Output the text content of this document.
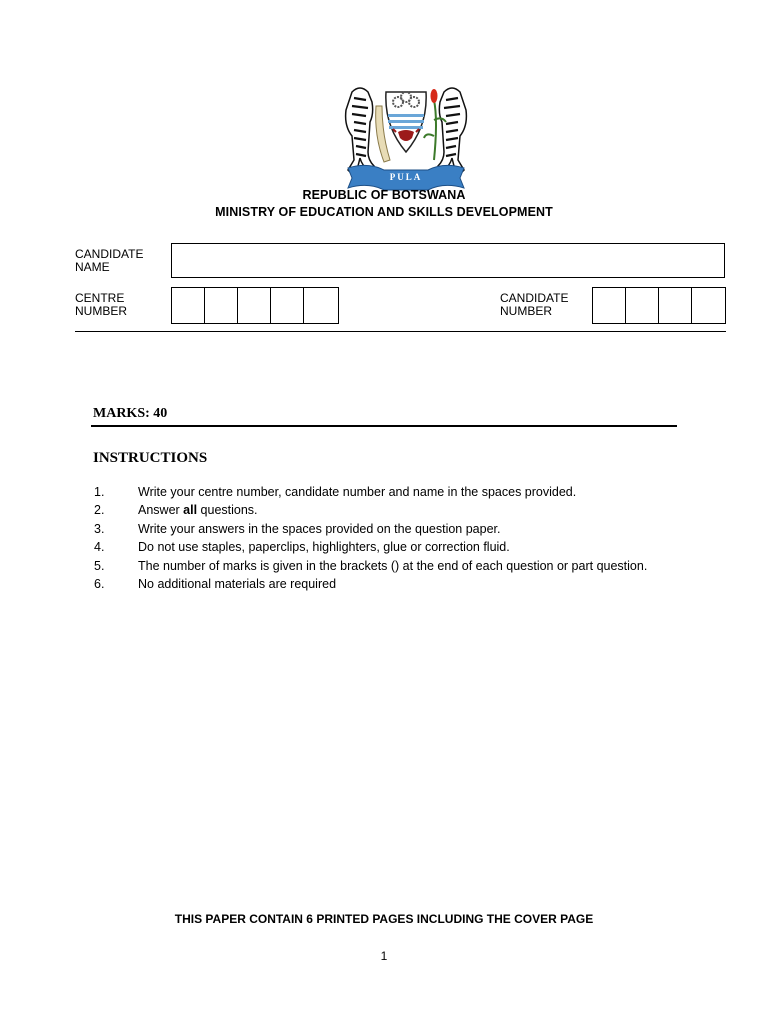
PULA
REPUBLIC OF BOTSWANA
MINISTRY OF EDUCATION AND SKILLS DEVELOPMENT
CANDIDATE
NAME
CENTRE
NUMBER
CANDIDATE
NUMBER
MARKS: 40
INSTRUCTIONS
1.	Write your centre number, candidate number and name in the spaces provided.
2.	Answer all questions.
3.	Write your answers in the spaces provided on the question paper.
4.	Do not use staples, paperclips, highlighters, glue or correction fluid.
5.	The number of marks is given in the brackets () at the end of each question or part question.
6.	No additional materials are required
THIS PAPER CONTAIN 6 PRINTED PAGES INCLUDING THE COVER PAGE
1
